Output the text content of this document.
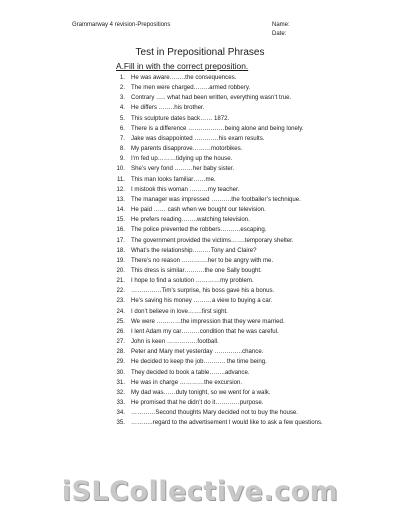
Grammarway 4 revision-Prepositions	Name:
Date:
Test in Prepositional Phrases
A.Fill in with the correct preposition.
1. He was aware……..the consequences.
2. The men were charged……..armed robbery.
3. Contrary ….. what had been written, everything wasn’t true.
4. He differs ……..his brother.
5. This sculpture dates back…… 1872.
6. There is a difference ………………being alone and being lonely.
7. Jake was disappointed …………his exam results.
8. My parents disapprove………motorbikes.
9. I’m fed up………tidying up the house.
10. She’s very fond ………her baby sister.
11. This man looks familiar……me.
12. I mistook this woman ………my teacher.
13. The manager was impressed ……….the footballer’s technique.
14. He paid …… cash when we bought our television.
15. He prefers reading……..watching television.
16. The police prevented the robbers……….escaping.
17. The government provided the victims…….temporary shelter.
18. What’s the relationship………Tony and Claire?
19. There’s no reason ………….her to be angry with me.
20. This dress is similar……….the one Sally bought.
21. I hope to find a solution …………my problem.
22. ……………Tim’s surprise, his boss gave his a bonus.
23. He’s saving his money ………a view to buying a car.
24. I don’t believe in love…….first sight.
25. We were …………the impression that they were married.
26. I lent Adam my car………condition that he was careful.
27. John is keen ……………football.
28. Peter and Mary met yesterday …………..chance.
29. He decided to keep the job……….. the time being.
30. They decided to book a table……..advance.
31. He was in charge …………the excursion.
32. My dad was……duty tonight, so we went for a walk.
33. He promised that he didn’t do it…………purpose.
34. …………Second thoughts Mary decided not to buy the house.
35. ………..regard to the advertisement I would like to ask a few questions.
iSLCollective.com
